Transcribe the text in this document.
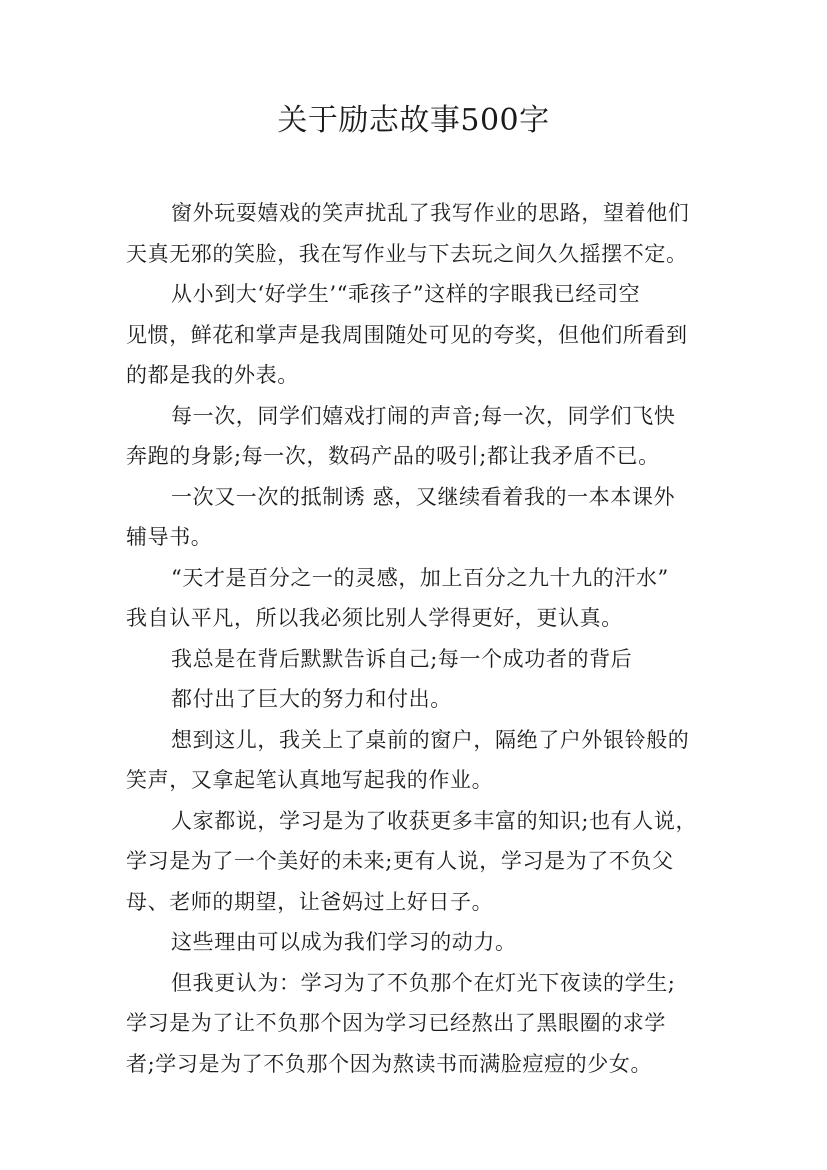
关于励志故事500字
窗外玩耍嬉戏的笑声扰乱了我写作业的思路，望着他们
天真无邪的笑脸，我在写作业与下去玩之间久久摇摆不定。
从小到大‘好学生’“乖孩子”这样的字眼我已经司空
见惯，鲜花和掌声是我周围随处可见的夸奖，但他们所看到
的都是我的外表。
每一次，同学们嬉戏打闹的声音;每一次，同学们飞快
奔跑的身影;每一次，数码产品的吸引;都让我矛盾不已。
一次又一次的抵制诱 惑，又继续看着我的一本本课外
辅导书。
“天才是百分之一的灵感，加上百分之九十九的汗水”
我自认平凡，所以我必须比别人学得更好，更认真。
我总是在背后默默告诉自己;每一个成功者的背后
都付出了巨大的努力和付出。
想到这儿，我关上了桌前的窗户，隔绝了户外银铃般的
笑声，又拿起笔认真地写起我的作业。
人家都说，学习是为了收获更多丰富的知识;也有人说，
学习是为了一个美好的未来;更有人说，学习是为了不负父
母、老师的期望，让爸妈过上好日子。
这些理由可以成为我们学习的动力。
但我更认为：学习为了不负那个在灯光下夜读的学生;
学习是为了让不负那个因为学习已经熬出了黑眼圈的求学
者;学习是为了不负那个因为熬读书而满脸痘痘的少女。
